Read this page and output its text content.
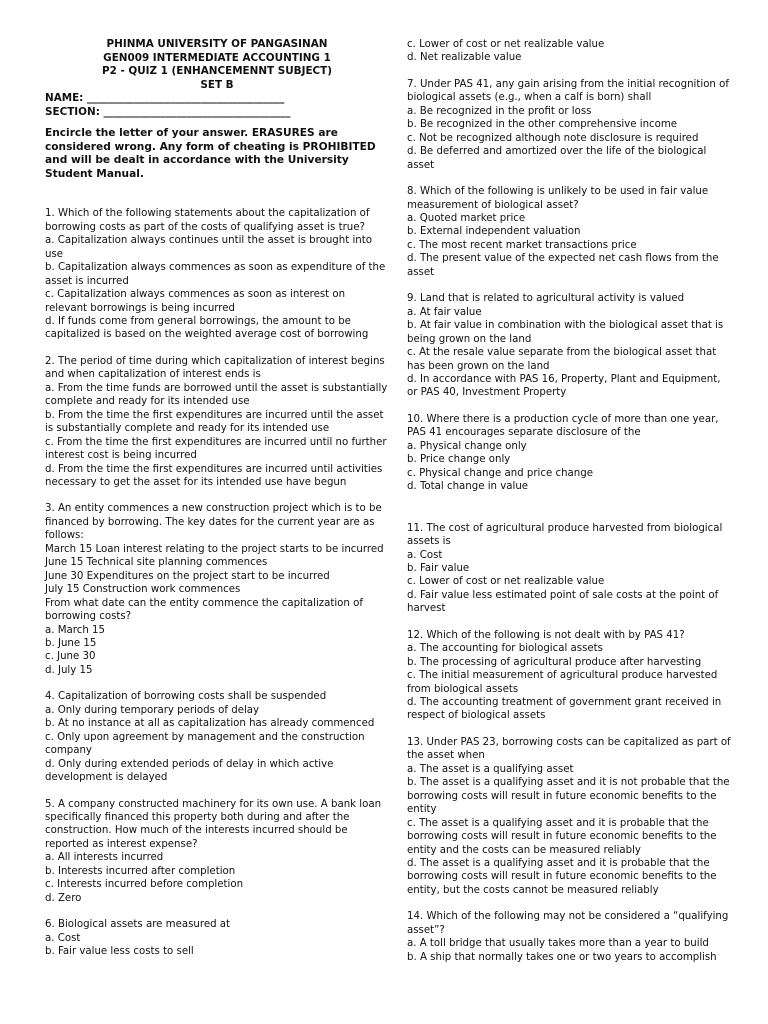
PHINMA UNIVERSITY OF PANGASINAN
GEN009 INTERMEDIATE ACCOUNTING 1
P2 - QUIZ 1 (ENHANCEMENNT SUBJECT)
SET B
NAME: ______________________________________
SECTION: ____________________________________
Encircle the letter of your answer. ERASURES are considered wrong. Any form of cheating is PROHIBITED and will be dealt in accordance with the University Student Manual.
1. Which of the following statements about the capitalization of borrowing costs as part of the costs of qualifying asset is true?
a. Capitalization always continues until the asset is brought into use
b. Capitalization always commences as soon as expenditure of the asset is incurred
c. Capitalization always commences as soon as interest on relevant borrowings is being incurred
d. If funds come from general borrowings, the amount to be capitalized is based on the weighted average cost of borrowing
2. The period of time during which capitalization of interest begins and when capitalization of interest ends is
a. From the time funds are borrowed until the asset is substantially complete and ready for its intended use
b. From the time the first expenditures are incurred until the asset is substantially complete and ready for its intended use
c. From the time the first expenditures are incurred until no further interest cost is being incurred
d. From the time the first expenditures are incurred until activities necessary to get the asset for its intended use have begun
3. An entity commences a new construction project which is to be financed by borrowing. The key dates for the current year are as follows:
March 15 Loan interest relating to the project starts to be incurred
June 15 Technical site planning commences
June 30 Expenditures on the project start to be incurred
July 15 Construction work commences
From what date can the entity commence the capitalization of borrowing costs?
a. March 15
b. June 15
c. June 30
d. July 15
4. Capitalization of borrowing costs shall be suspended
a. Only during temporary periods of delay
b. At no instance at all as capitalization has already commenced
c. Only upon agreement by management and the construction company
d. Only during extended periods of delay in which active development is delayed
5. A company constructed machinery for its own use. A bank loan specifically financed this property both during and after the construction. How much of the interests incurred should be reported as interest expense?
a. All interests incurred
b. Interests incurred after completion
c. Interests incurred before completion
d. Zero
6. Biological assets are measured at
a. Cost
b. Fair value less costs to sell
c. Lower of cost or net realizable value
d. Net realizable value
7. Under PAS 41, any gain arising from the initial recognition of biological assets (e.g., when a calf is born) shall
a. Be recognized in the profit or loss
b. Be recognized in the other comprehensive income
c. Not be recognized although note disclosure is required
d. Be deferred and amortized over the life of the biological asset
8. Which of the following is unlikely to be used in fair value measurement of biological asset?
a. Quoted market price
b. External independent valuation
c. The most recent market transactions price
d. The present value of the expected net cash flows from the asset
9. Land that is related to agricultural activity is valued
a. At fair value
b. At fair value in combination with the biological asset that is being grown on the land
c. At the resale value separate from the biological asset that has been grown on the land
d. In accordance with PAS 16, Property, Plant and Equipment, or PAS 40, Investment Property
10. Where there is a production cycle of more than one year, PAS 41 encourages separate disclosure of the
a. Physical change only
b. Price change only
c. Physical change and price change
d. Total change in value
11. The cost of agricultural produce harvested from biological assets is
a. Cost
b. Fair value
c. Lower of cost or net realizable value
d. Fair value less estimated point of sale costs at the point of harvest
12. Which of the following is not dealt with by PAS 41?
a. The accounting for biological assets
b. The processing of agricultural produce after harvesting
c. The initial measurement of agricultural produce harvested from biological assets
d. The accounting treatment of government grant received in respect of biological assets
13. Under PAS 23, borrowing costs can be capitalized as part of the asset when
a. The asset is a qualifying asset
b. The asset is a qualifying asset and it is not probable that the borrowing costs will result in future economic benefits to the entity
c. The asset is a qualifying asset and it is probable that the borrowing costs will result in future economic benefits to the entity and the costs can be measured reliably
d. The asset is a qualifying asset and it is probable that the borrowing costs will result in future economic benefits to the entity, but the costs cannot be measured reliably
14. Which of the following may not be considered a “qualifying asset”?
a. A toll bridge that usually takes more than a year to build
b. A ship that normally takes one or two years to accomplish
